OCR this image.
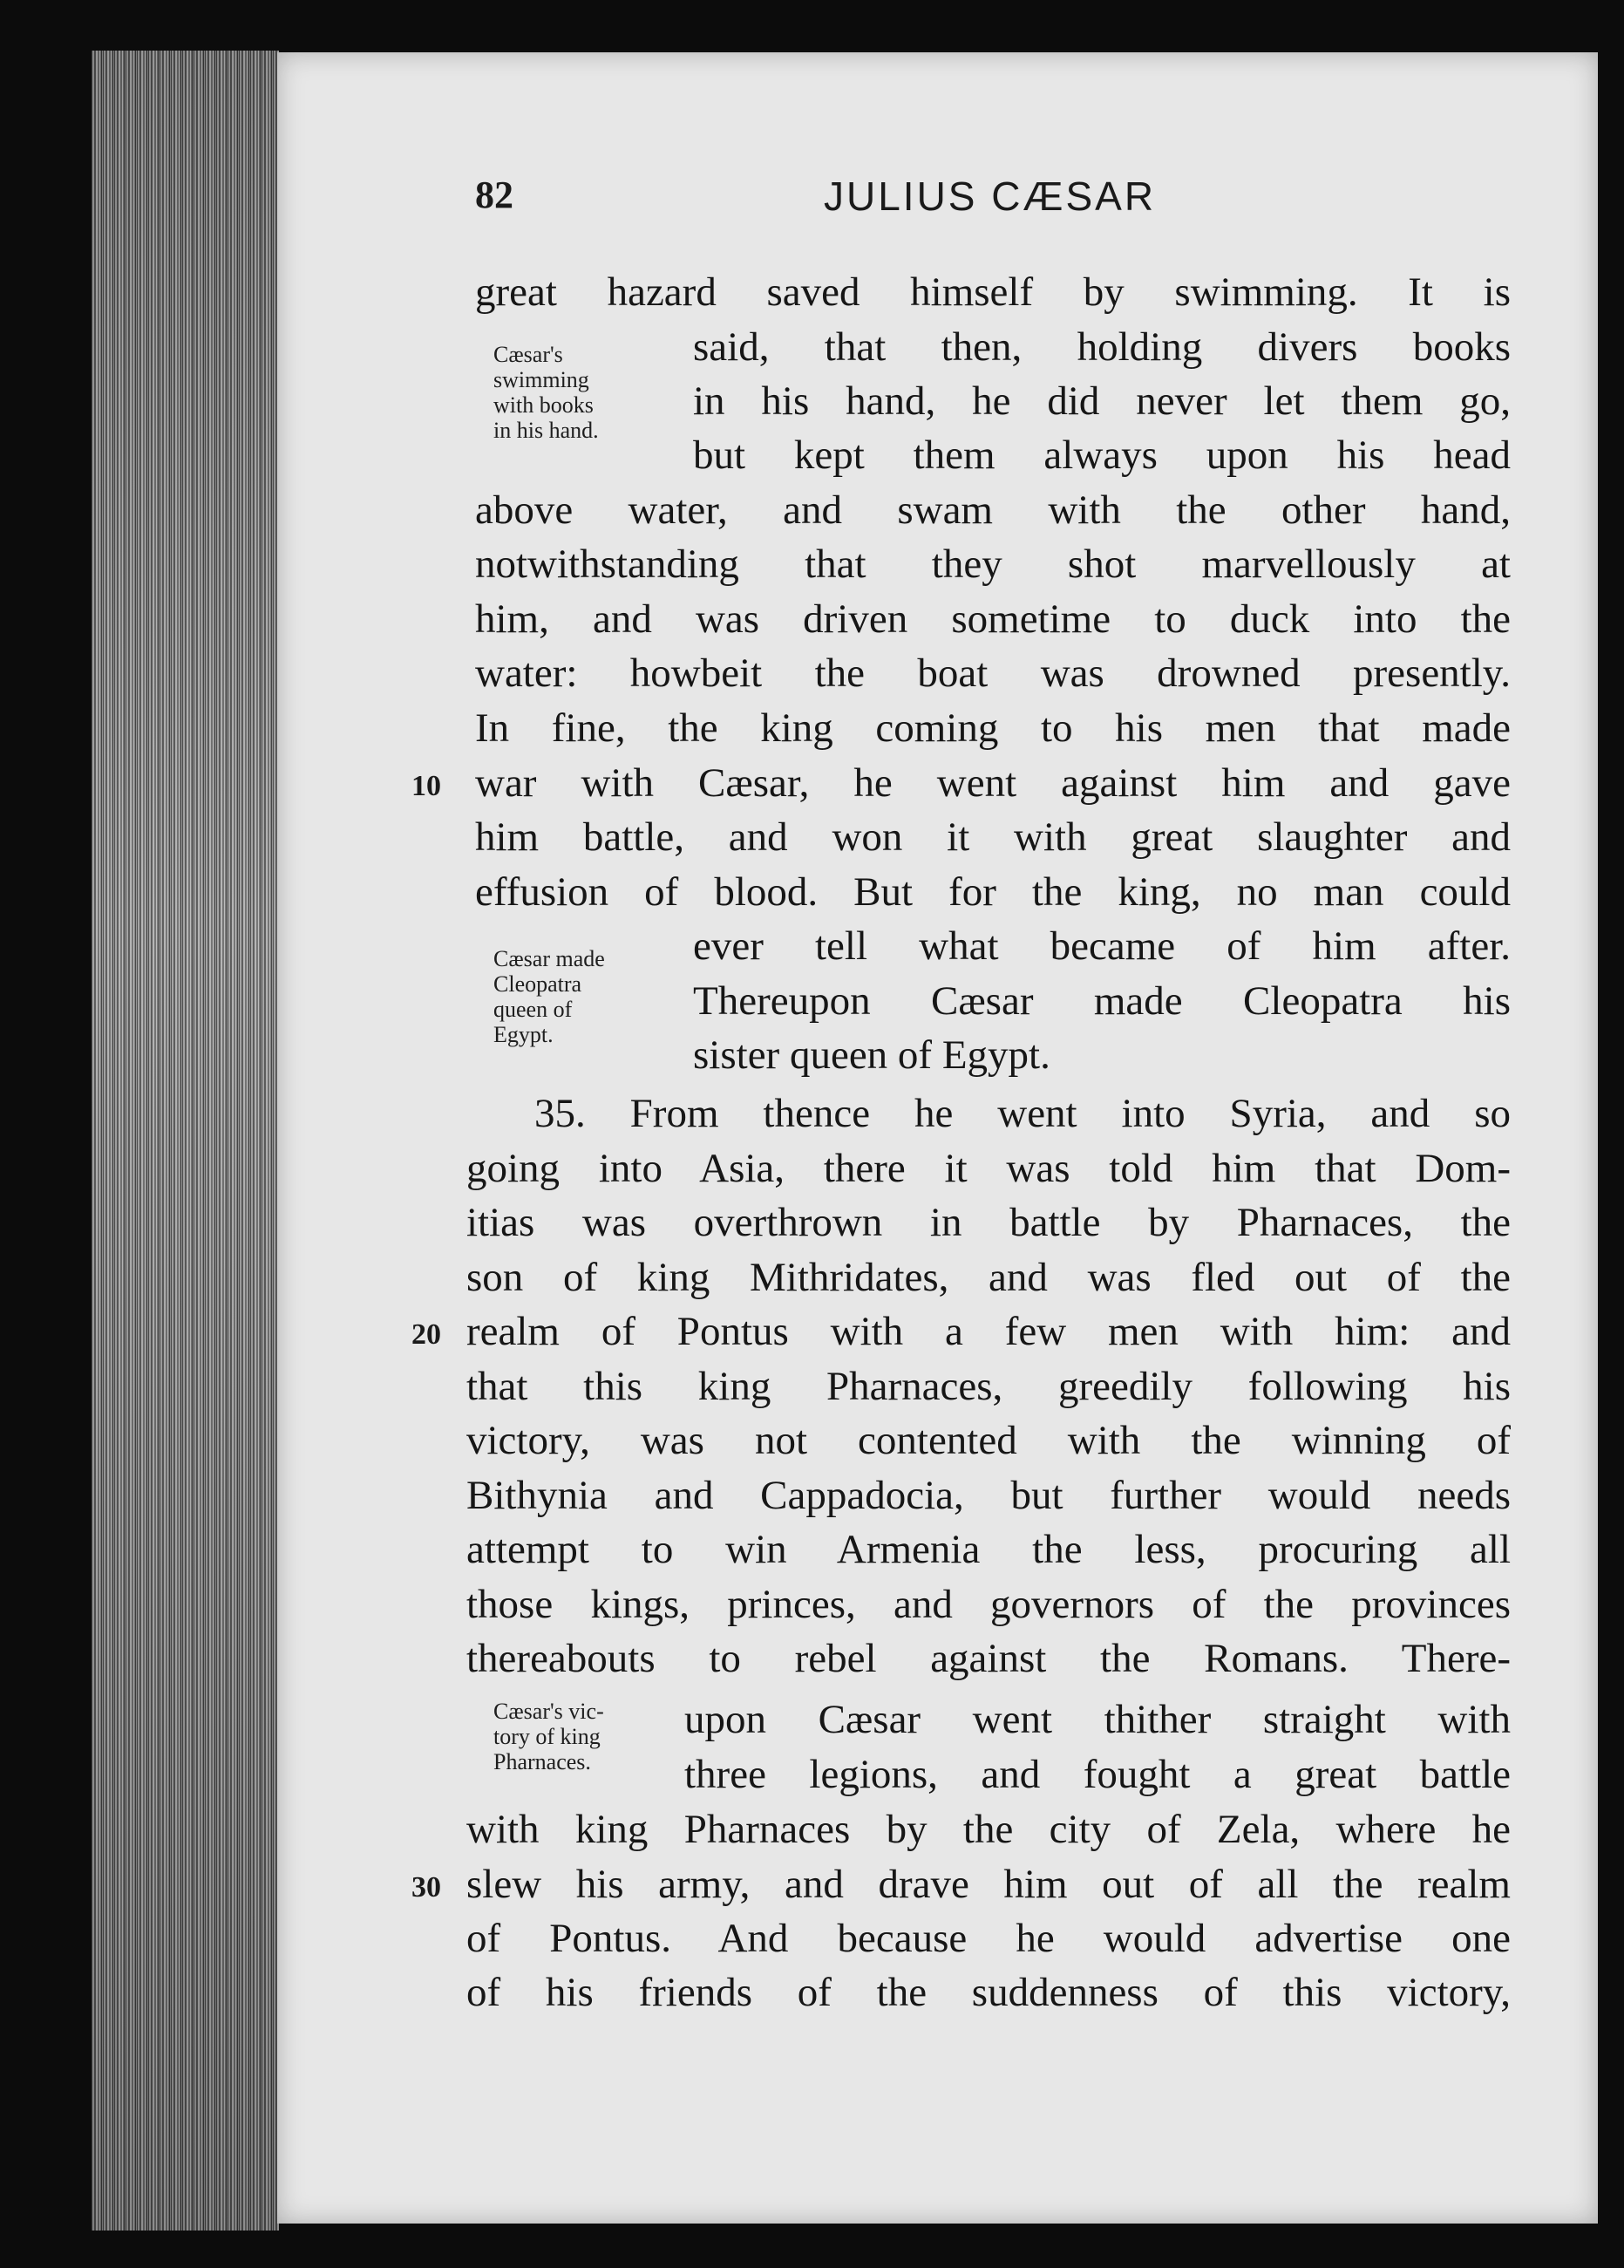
82	JULIUS CÆSAR
great hazard saved himself by swimming. It is
said, that then, holding divers books
in his hand, he did never let them go,
but kept them always upon his head
above water, and swam with the other hand,
notwithstanding that they shot marvellously at
him, and was driven sometime to duck into the
water: howbeit the boat was drowned presently.
In fine, the king coming to his men that made
war with Cæsar, he went against him and gave
him battle, and won it with great slaughter and
effusion of blood. But for the king, no man could
ever tell what became of him after.
Thereupon Cæsar made Cleopatra his
sister queen of Egypt.
35. From thence he went into Syria, and so
going into Asia, there it was told him that Dom-
itias was overthrown in battle by Pharnaces, the
son of king Mithridates, and was fled out of the
realm of Pontus with a few men with him: and
that this king Pharnaces, greedily following his
victory, was not contented with the winning of
Bithynia and Cappadocia, but further would needs
attempt to win Armenia the less, procuring all
those kings, princes, and governors of the provinces
thereabouts to rebel against the Romans. There-
upon Cæsar went thither straight with
three legions, and fought a great battle
with king Pharnaces by the city of Zela, where he
slew his army, and drave him out of all the realm
of Pontus. And because he would advertise one
of his friends of the suddenness of this victory,
10
20
30
Cæsar's
swimming
with books
in his hand.
Cæsar made
Cleopatra
queen of
Egypt.
Cæsar's vic-
tory of king
Pharnaces.
